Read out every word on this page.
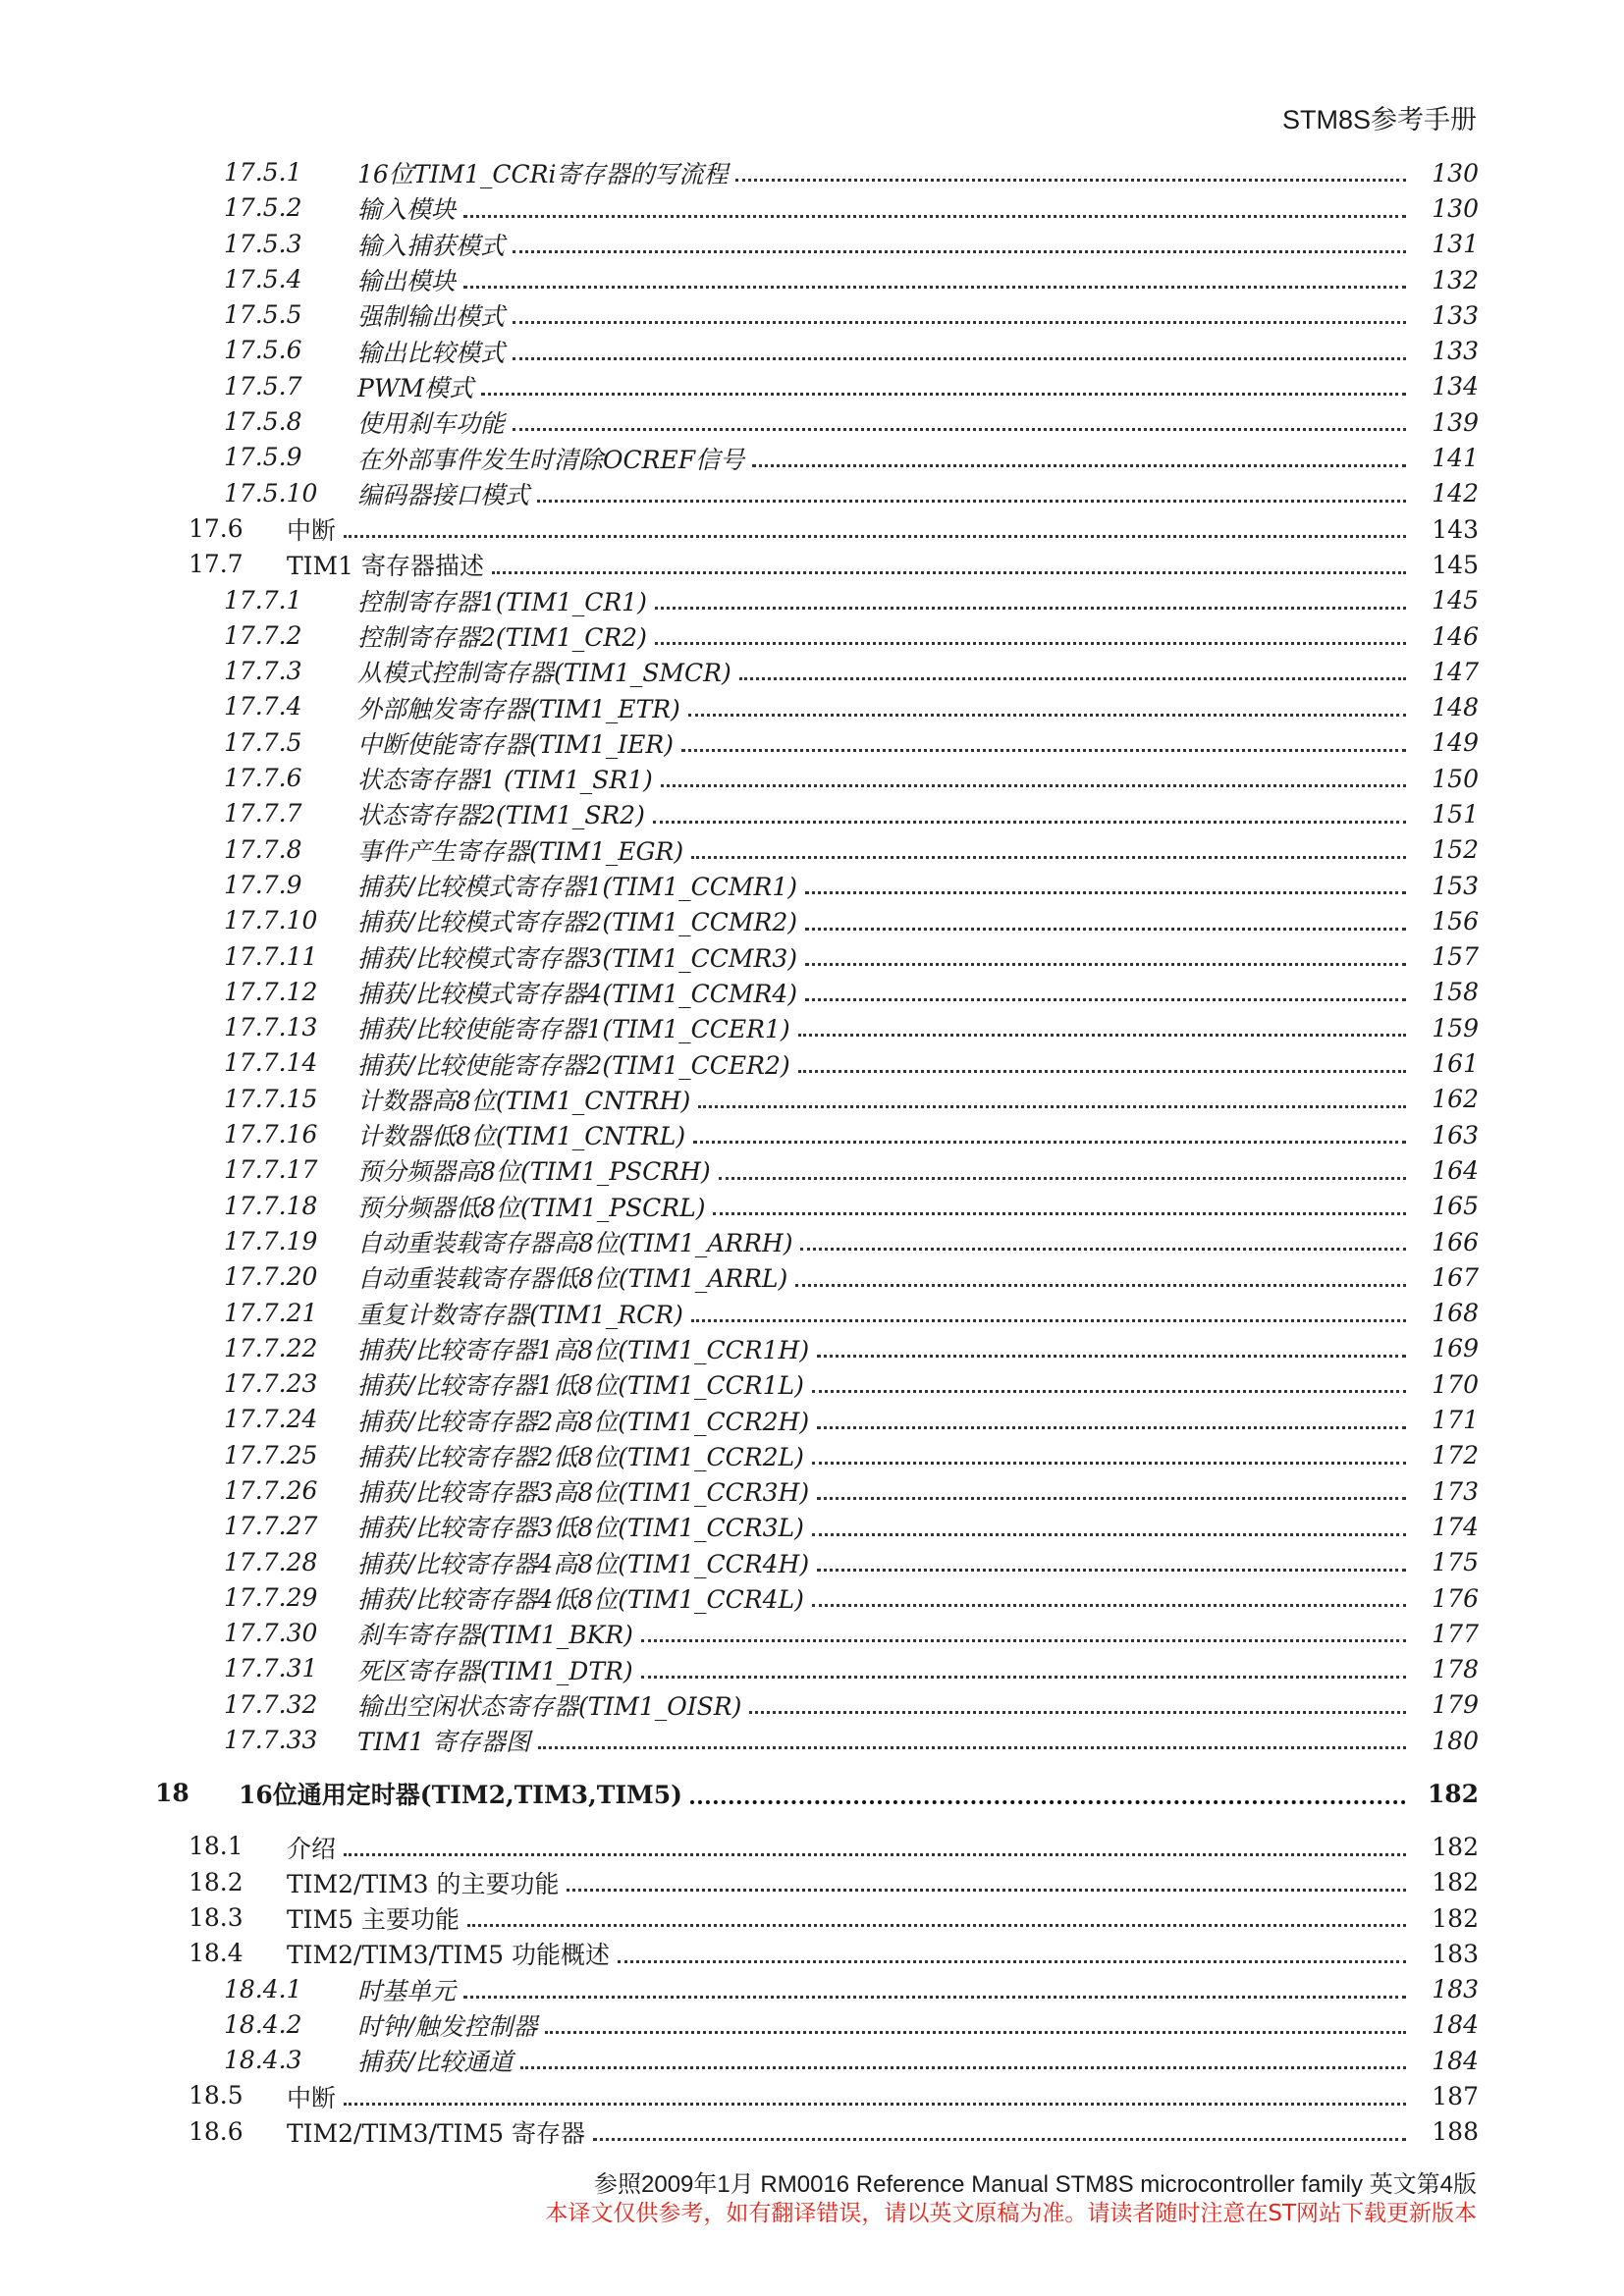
STM8S参考手册
17.5.1 16位TIM1_CCRi寄存器的写流程	130
17.5.2 输入模块	130
17.5.3 输入捕获模式	131
17.5.4 输出模块	132
17.5.5 强制输出模式	133
17.5.6 输出比较模式	133
17.5.7 PWM模式	134
17.5.8 使用刹车功能	139
17.5.9 在外部事件发生时清除OCREF信号	141
17.5.10 编码器接口模式	142
17.6 中断	143
17.7 TIM1 寄存器描述	145
17.7.1 控制寄存器1(TIM1_CR1)	145
17.7.2 控制寄存器2(TIM1_CR2)	146
17.7.3 从模式控制寄存器(TIM1_SMCR)	147
17.7.4 外部触发寄存器(TIM1_ETR)	148
17.7.5 中断使能寄存器(TIM1_IER)	149
17.7.6 状态寄存器1 (TIM1_SR1)	150
17.7.7 状态寄存器2(TIM1_SR2)	151
17.7.8 事件产生寄存器(TIM1_EGR)	152
17.7.9 捕获/比较模式寄存器1(TIM1_CCMR1)	153
17.7.10 捕获/比较模式寄存器2(TIM1_CCMR2)	156
17.7.11 捕获/比较模式寄存器3(TIM1_CCMR3)	157
17.7.12 捕获/比较模式寄存器4(TIM1_CCMR4)	158
17.7.13 捕获/比较使能寄存器1(TIM1_CCER1)	159
17.7.14 捕获/比较使能寄存器2(TIM1_CCER2)	161
17.7.15 计数器高8位(TIM1_CNTRH)	162
17.7.16 计数器低8位(TIM1_CNTRL)	163
17.7.17 预分频器高8位(TIM1_PSCRH)	164
17.7.18 预分频器低8位(TIM1_PSCRL)	165
17.7.19 自动重装载寄存器高8位(TIM1_ARRH)	166
17.7.20 自动重装载寄存器低8位(TIM1_ARRL)	167
17.7.21 重复计数寄存器(TIM1_RCR)	168
17.7.22 捕获/比较寄存器1高8位(TIM1_CCR1H)	169
17.7.23 捕获/比较寄存器1低8位(TIM1_CCR1L)	170
17.7.24 捕获/比较寄存器2高8位(TIM1_CCR2H)	171
17.7.25 捕获/比较寄存器2低8位(TIM1_CCR2L)	172
17.7.26 捕获/比较寄存器3高8位(TIM1_CCR3H)	173
17.7.27 捕获/比较寄存器3低8位(TIM1_CCR3L)	174
17.7.28 捕获/比较寄存器4高8位(TIM1_CCR4H)	175
17.7.29 捕获/比较寄存器4低8位(TIM1_CCR4L)	176
17.7.30 刹车寄存器(TIM1_BKR)	177
17.7.31 死区寄存器(TIM1_DTR)	178
17.7.32 输出空闲状态寄存器(TIM1_OISR)	179
17.7.33 TIM1 寄存器图	180
18 16位通用定时器(TIM2,TIM3,TIM5)	182
18.1 介绍	182
18.2 TIM2/TIM3 的主要功能	182
18.3 TIM5 主要功能	182
18.4 TIM2/TIM3/TIM5 功能概述	183
18.4.1 时基单元	183
18.4.2 时钟/触发控制器	184
18.4.3 捕获/比较通道	184
18.5 中断	187
18.6 TIM2/TIM3/TIM5 寄存器	188
参照2009年1月 RM0016 Reference Manual STM8S microcontroller family 英文第4版
本译文仅供参考，如有翻译错误，请以英文原稿为准。请读者随时注意在ST网站下载更新版本
